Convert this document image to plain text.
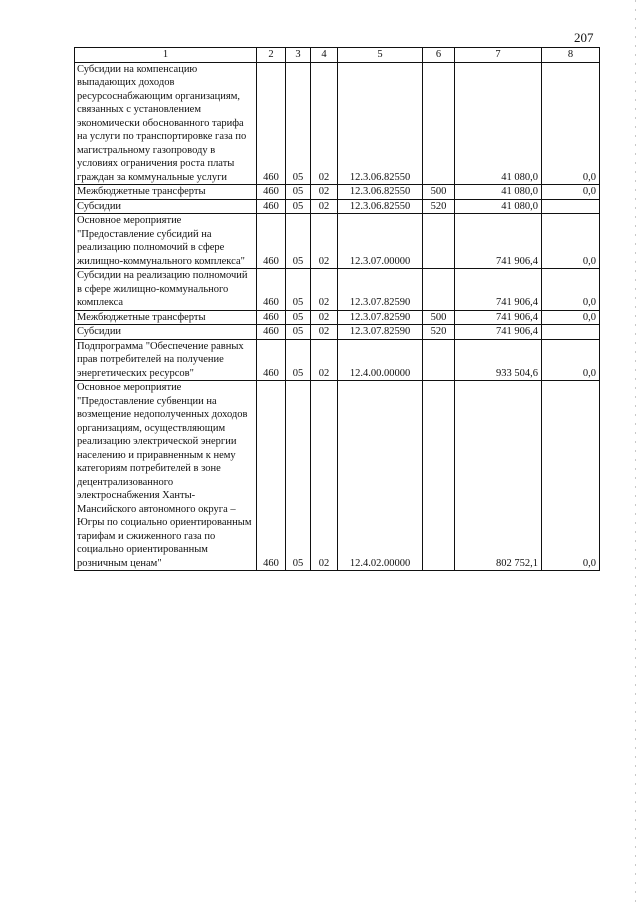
207
1	2	3	4	5	6	7	8
Субсидии на компенсацию выпадающих доходов ресурсоснабжающим организациям, связанных с установлением экономически обоснованного тарифа на услуги по транспортировке газа по магистральному газопроводу в условиях ограничения роста платы граждан за коммунальные услуги	460	05	02	12.3.06.82550		41 080,0	0,0
Межбюджетные трансферты	460	05	02	12.3.06.82550	500	41 080,0	0,0
Субсидии	460	05	02	12.3.06.82550	520	41 080,0	
Основное мероприятие "Предоставление субсидий на реализацию полномочий в сфере жилищно-коммунального комплекса"	460	05	02	12.3.07.00000		741 906,4	0,0
Субсидии на реализацию полномочий в сфере жилищно-коммунального комплекса	460	05	02	12.3.07.82590		741 906,4	0,0
Межбюджетные трансферты	460	05	02	12.3.07.82590	500	741 906,4	0,0
Субсидии	460	05	02	12.3.07.82590	520	741 906,4	
Подпрограмма "Обеспечение равных прав потребителей на получение энергетических ресурсов"	460	05	02	12.4.00.00000		933 504,6	0,0
Основное мероприятие "Предоставление субвенции на возмещение недополученных доходов организациям, осуществляющим реализацию электрической энергии населению и приравненным к нему категориям потребителей в зоне децентрализованного электроснабжения Ханты-Мансийского автономного округа – Югры по социально ориентированным тарифам и сжиженного газа по социально ориентированным розничным ценам"	460	05	02	12.4.02.00000		802 752,1	0,0
